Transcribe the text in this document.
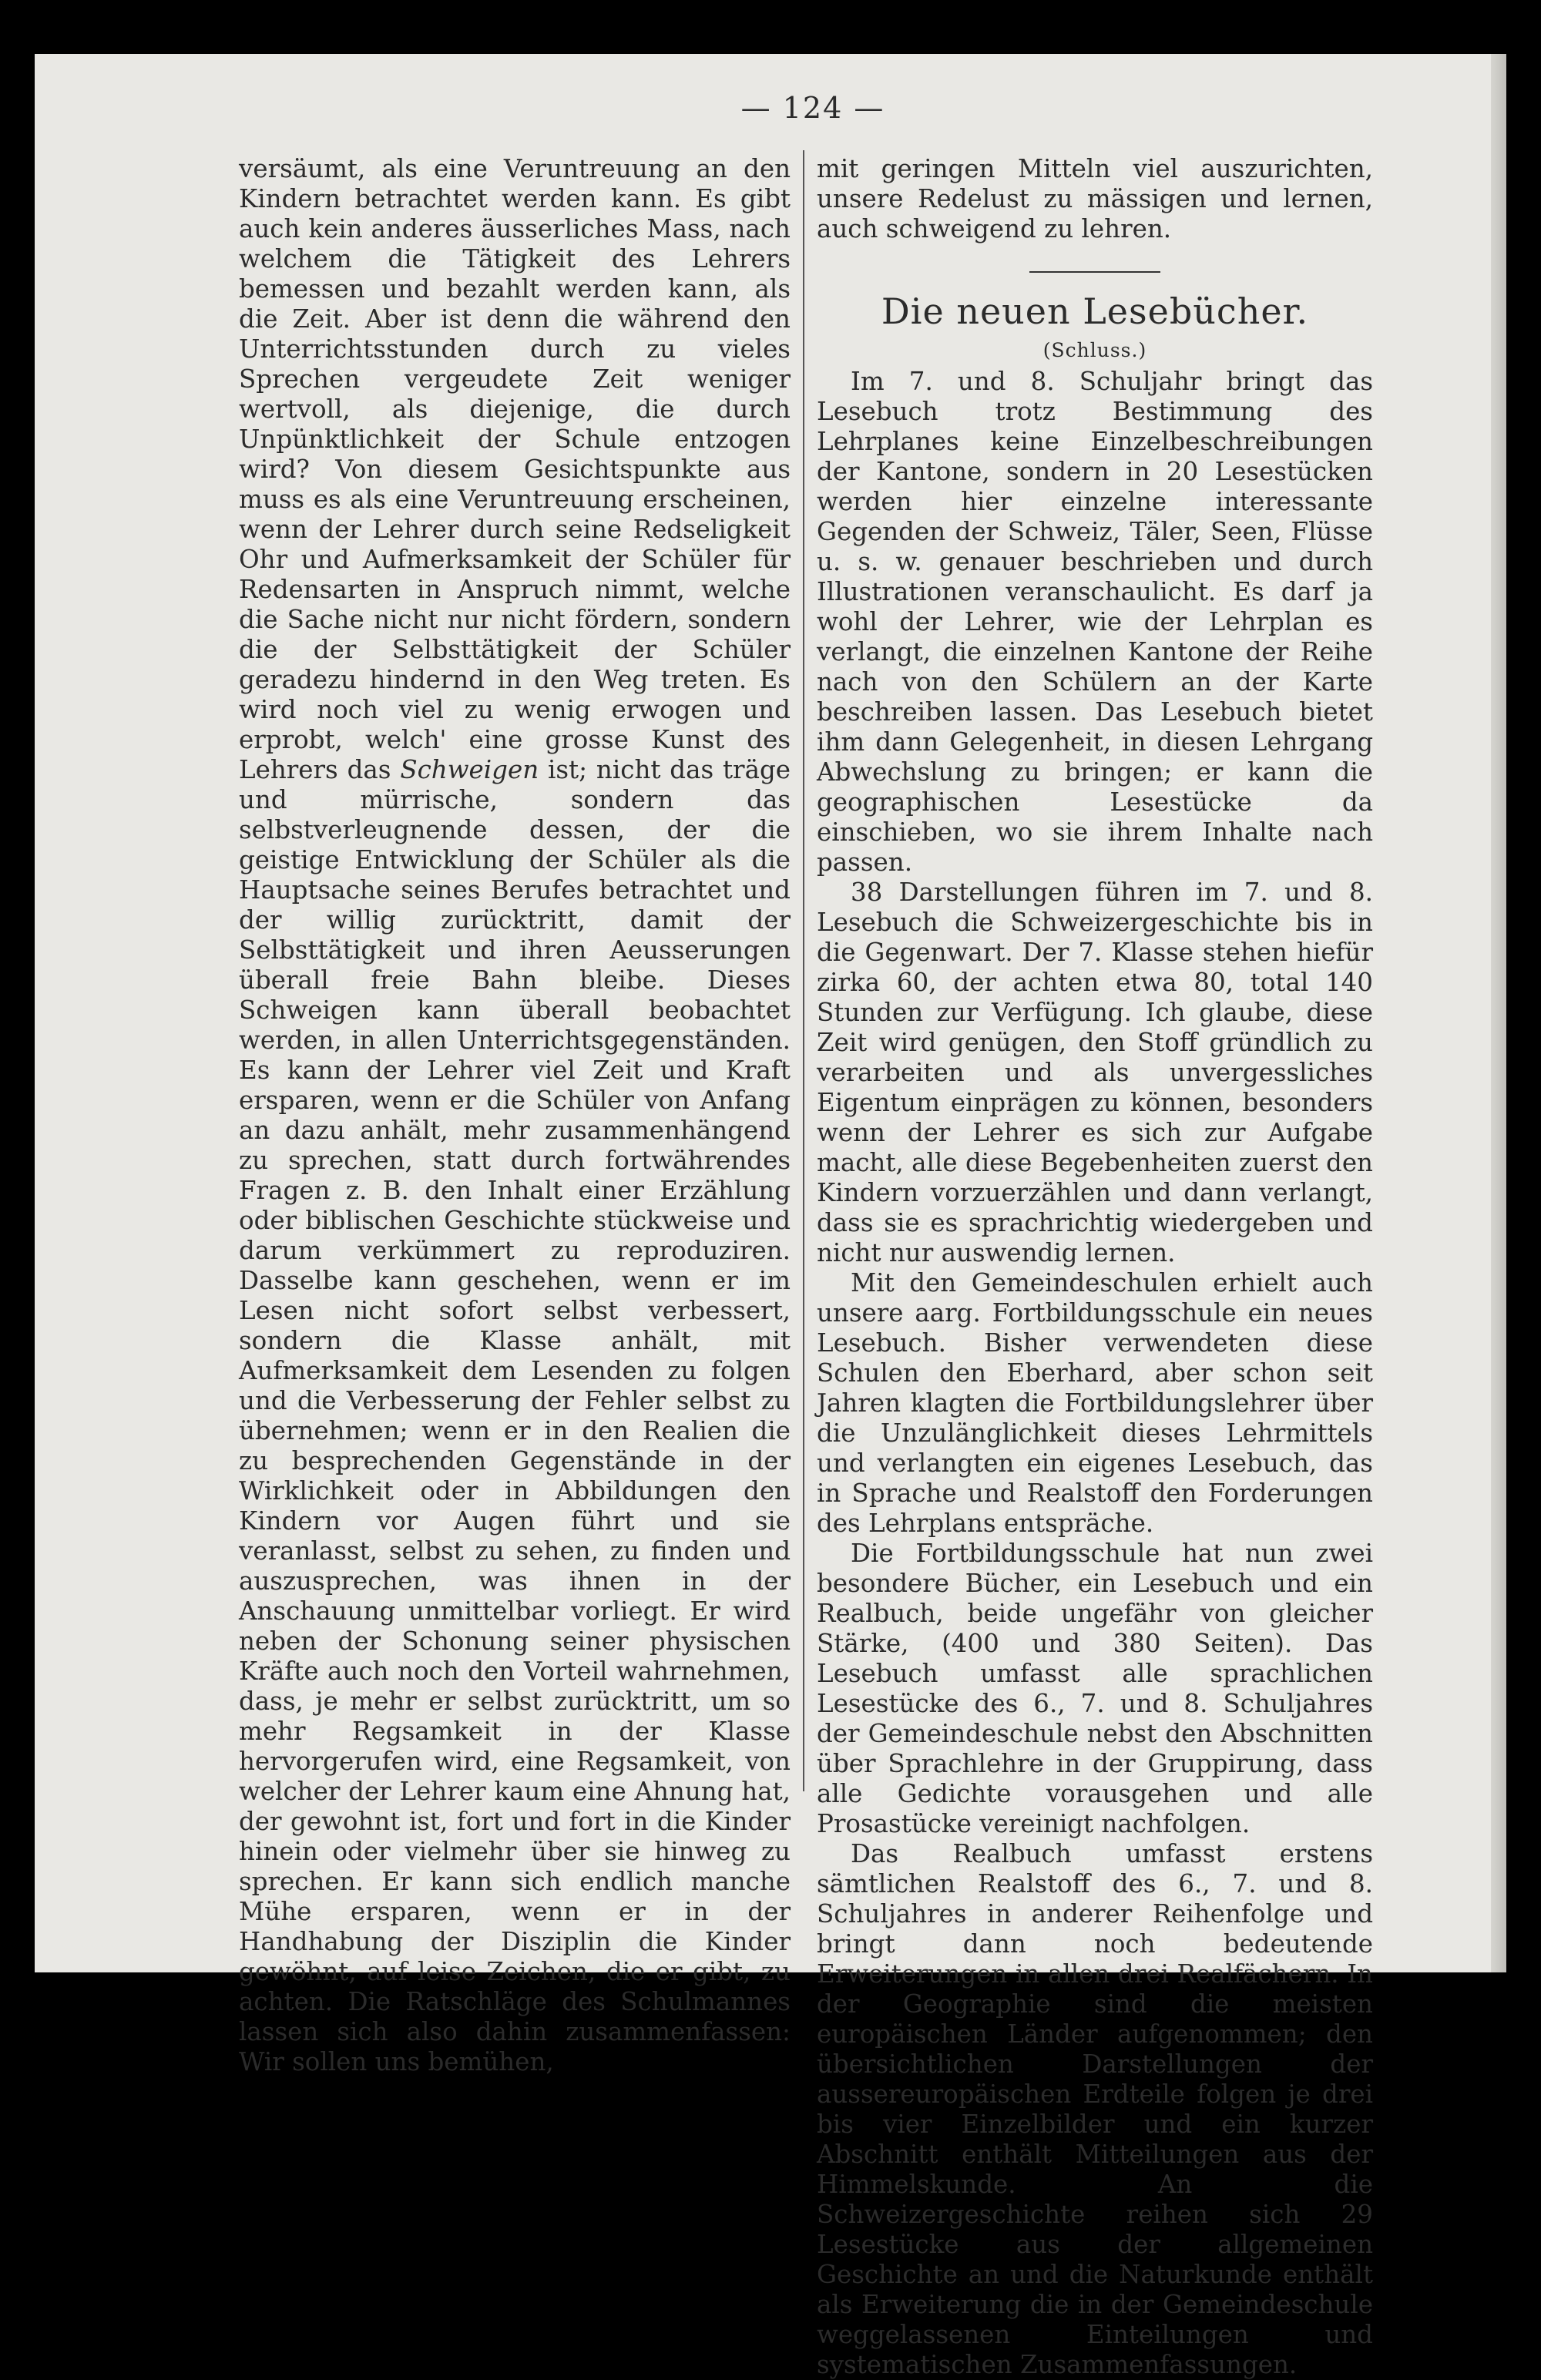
— 124 —

versäumt, als eine Veruntreuung an den Kindern betrachtet werden kann. Es gibt auch kein anderes äusserliches Mass, nach welchem die Tätigkeit des Lehrers bemessen und bezahlt werden kann, als die Zeit. Aber ist denn die während den Unterrichtsstunden durch zu vieles Sprechen vergeudete Zeit weniger wertvoll, als diejenige, die durch Unpünktlichkeit der Schule entzogen wird? Von diesem Gesichtspunkte aus muss es als eine Veruntreuung erscheinen, wenn der Lehrer durch seine Redseligkeit Ohr und Aufmerksamkeit der Schüler für Redensarten in Anspruch nimmt, welche die Sache nicht nur nicht fördern, sondern die der Selbsttätigkeit der Schüler geradezu hindernd in den Weg treten. Es wird noch viel zu wenig erwogen und erprobt, welch' eine grosse Kunst des Lehrers das Schweigen ist; nicht das träge und mürrische, sondern das selbstverleugnende dessen, der die geistige Entwicklung der Schüler als die Hauptsache seines Berufes betrachtet und der willig zurücktritt, damit der Selbsttätigkeit und ihren Aeusserungen überall freie Bahn bleibe. Dieses Schweigen kann überall beobachtet werden, in allen Unterrichtsgegenständen. Es kann der Lehrer viel Zeit und Kraft ersparen, wenn er die Schüler von Anfang an dazu anhält, mehr zusammenhängend zu sprechen, statt durch fortwährendes Fragen z. B. den Inhalt einer Erzählung oder biblischen Geschichte stückweise und darum verkümmert zu reproduziren. Dasselbe kann geschehen, wenn er im Lesen nicht sofort selbst verbessert, sondern die Klasse anhält, mit Aufmerksamkeit dem Lesenden zu folgen und die Verbesserung der Fehler selbst zu übernehmen; wenn er in den Realien die zu besprechenden Gegenstände in der Wirklichkeit oder in Abbildungen den Kindern vor Augen führt und sie veranlasst, selbst zu sehen, zu finden und auszusprechen, was ihnen in der Anschauung unmittelbar vorliegt. Er wird neben der Schonung seiner physischen Kräfte auch noch den Vorteil wahrnehmen, dass, je mehr er selbst zurücktritt, um so mehr Regsamkeit in der Klasse hervorgerufen wird, eine Regsamkeit, von welcher der Lehrer kaum eine Ahnung hat, der gewohnt ist, fort und fort in die Kinder hinein oder vielmehr über sie hinweg zu sprechen. Er kann sich endlich manche Mühe ersparen, wenn er in der Handhabung der Disziplin die Kinder gewöhnt, auf leise Zeichen, die er gibt, zu achten. Die Ratschläge des Schulmannes lassen sich also dahin zusammenfassen: Wir sollen uns bemühen,

mit geringen Mitteln viel auszurichten, unsere Redelust zu mässigen und lernen, auch schweigend zu lehren.

Die neuen Lesebücher.
(Schluss.)

Im 7. und 8. Schuljahr bringt das Lesebuch trotz Bestimmung des Lehrplanes keine Einzelbeschreibungen der Kantone, sondern in 20 Lesestücken werden hier einzelne interessante Gegenden der Schweiz, Täler, Seen, Flüsse u. s. w. genauer beschrieben und durch Illustrationen veranschaulicht. Es darf ja wohl der Lehrer, wie der Lehrplan es verlangt, die einzelnen Kantone der Reihe nach von den Schülern an der Karte beschreiben lassen. Das Lesebuch bietet ihm dann Gelegenheit, in diesen Lehrgang Abwechslung zu bringen; er kann die geographischen Lesestücke da einschieben, wo sie ihrem Inhalte nach passen.

38 Darstellungen führen im 7. und 8. Lesebuch die Schweizergeschichte bis in die Gegenwart. Der 7. Klasse stehen hiefür zirka 60, der achten etwa 80, total 140 Stunden zur Verfügung. Ich glaube, diese Zeit wird genügen, den Stoff gründlich zu verarbeiten und als unvergessliches Eigentum einprägen zu können, besonders wenn der Lehrer es sich zur Aufgabe macht, alle diese Begebenheiten zuerst den Kindern vorzuerzählen und dann verlangt, dass sie es sprachrichtig wiedergeben und nicht nur auswendig lernen.

Mit den Gemeindeschulen erhielt auch unsere aarg. Fortbildungsschule ein neues Lesebuch. Bisher verwendeten diese Schulen den Eberhard, aber schon seit Jahren klagten die Fortbildungslehrer über die Unzulänglichkeit dieses Lehrmittels und verlangten ein eigenes Lesebuch, das in Sprache und Realstoff den Forderungen des Lehrplans entspräche.

Die Fortbildungsschule hat nun zwei besondere Bücher, ein Lesebuch und ein Realbuch, beide ungefähr von gleicher Stärke, (400 und 380 Seiten). Das Lesebuch umfasst alle sprachlichen Lesestücke des 6., 7. und 8. Schuljahres der Gemeindeschule nebst den Abschnitten über Sprachlehre in der Gruppirung, dass alle Gedichte vorausgehen und alle Prosastücke vereinigt nachfolgen.

Das Realbuch umfasst erstens sämtlichen Realstoff des 6., 7. und 8. Schuljahres in anderer Reihenfolge und bringt dann noch bedeutende Erweiterungen in allen drei Realfächern. In der Geographie sind die meisten europäischen Länder aufgenommen; den übersichtlichen Darstellungen der aussereuropäischen Erdteile folgen je drei bis vier Einzelbilder und ein kurzer Abschnitt enthält Mitteilungen aus der Himmelskunde. An die Schweizergeschichte reihen sich 29 Lesestücke aus der allgemeinen Geschichte an und die Naturkunde enthält als Erweiterung die in der Gemeindeschule weggelassenen Einteilungen und systematischen Zusammenfassungen.
